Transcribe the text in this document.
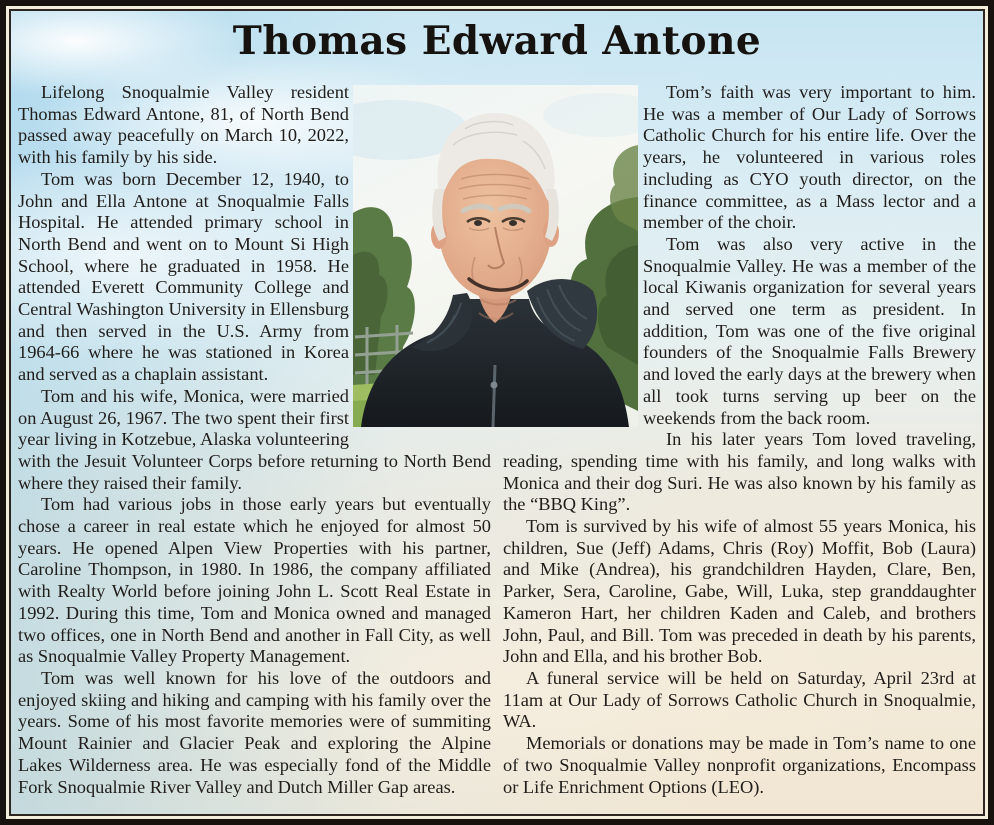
Thomas Edward Antone

Lifelong Snoqualmie Valley resident Thomas Edward Antone, 81, of North Bend passed away peacefully on March 10, 2022, with his family by his side.

Tom was born December 12, 1940, to John and Ella Antone at Snoqualmie Falls Hospital. He attended primary school in North Bend and went on to Mount Si High School, where he graduated in 1958. He attended Everett Community College and Central Washington University in Ellensburg and then served in the U.S. Army from 1964-66 where he was stationed in Korea and served as a chaplain assistant.

Tom and his wife, Monica, were married on August 26, 1967. The two spent their first year living in Kotzebue, Alaska volunteering with the Jesuit Volunteer Corps before returning to North Bend where they raised their family.

Tom had various jobs in those early years but eventually chose a career in real estate which he enjoyed for almost 50 years. He opened Alpen View Properties with his partner, Caroline Thompson, in 1980. In 1986, the company affiliated with Realty World before joining John L. Scott Real Estate in 1992. During this time, Tom and Monica owned and managed two offices, one in North Bend and another in Fall City, as well as Snoqualmie Valley Property Management.

Tom was well known for his love of the outdoors and enjoyed skiing and hiking and camping with his family over the years. Some of his most favorite memories were of summiting Mount Rainier and Glacier Peak and exploring the Alpine Lakes Wilderness area. He was especially fond of the Middle Fork Snoqualmie River Valley and Dutch Miller Gap areas.

Tom’s faith was very important to him. He was a member of Our Lady of Sorrows Catholic Church for his entire life. Over the years, he volunteered in various roles including as CYO youth director, on the finance committee, as a Mass lector and a member of the choir.

Tom was also very active in the Snoqualmie Valley. He was a member of the local Kiwanis organization for several years and served one term as president. In addition, Tom was one of the five original founders of the Snoqualmie Falls Brewery and loved the early days at the brewery when all took turns serving up beer on the weekends from the back room.

In his later years Tom loved traveling, reading, spending time with his family, and long walks with Monica and their dog Suri. He was also known by his family as the “BBQ King”.

Tom is survived by his wife of almost 55 years Monica, his children, Sue (Jeff) Adams, Chris (Roy) Moffit, Bob (Laura) and Mike (Andrea), his grandchildren Hayden, Clare, Ben, Parker, Sera, Caroline, Gabe, Will, Luka, step granddaughter Kameron Hart, her children Kaden and Caleb, and brothers John, Paul, and Bill. Tom was preceded in death by his parents, John and Ella, and his brother Bob.

A funeral service will be held on Saturday, April 23rd at 11am at Our Lady of Sorrows Catholic Church in Snoqualmie, WA.

Memorials or donations may be made in Tom’s name to one of two Snoqualmie Valley nonprofit organizations, Encompass or Life Enrichment Options (LEO).
